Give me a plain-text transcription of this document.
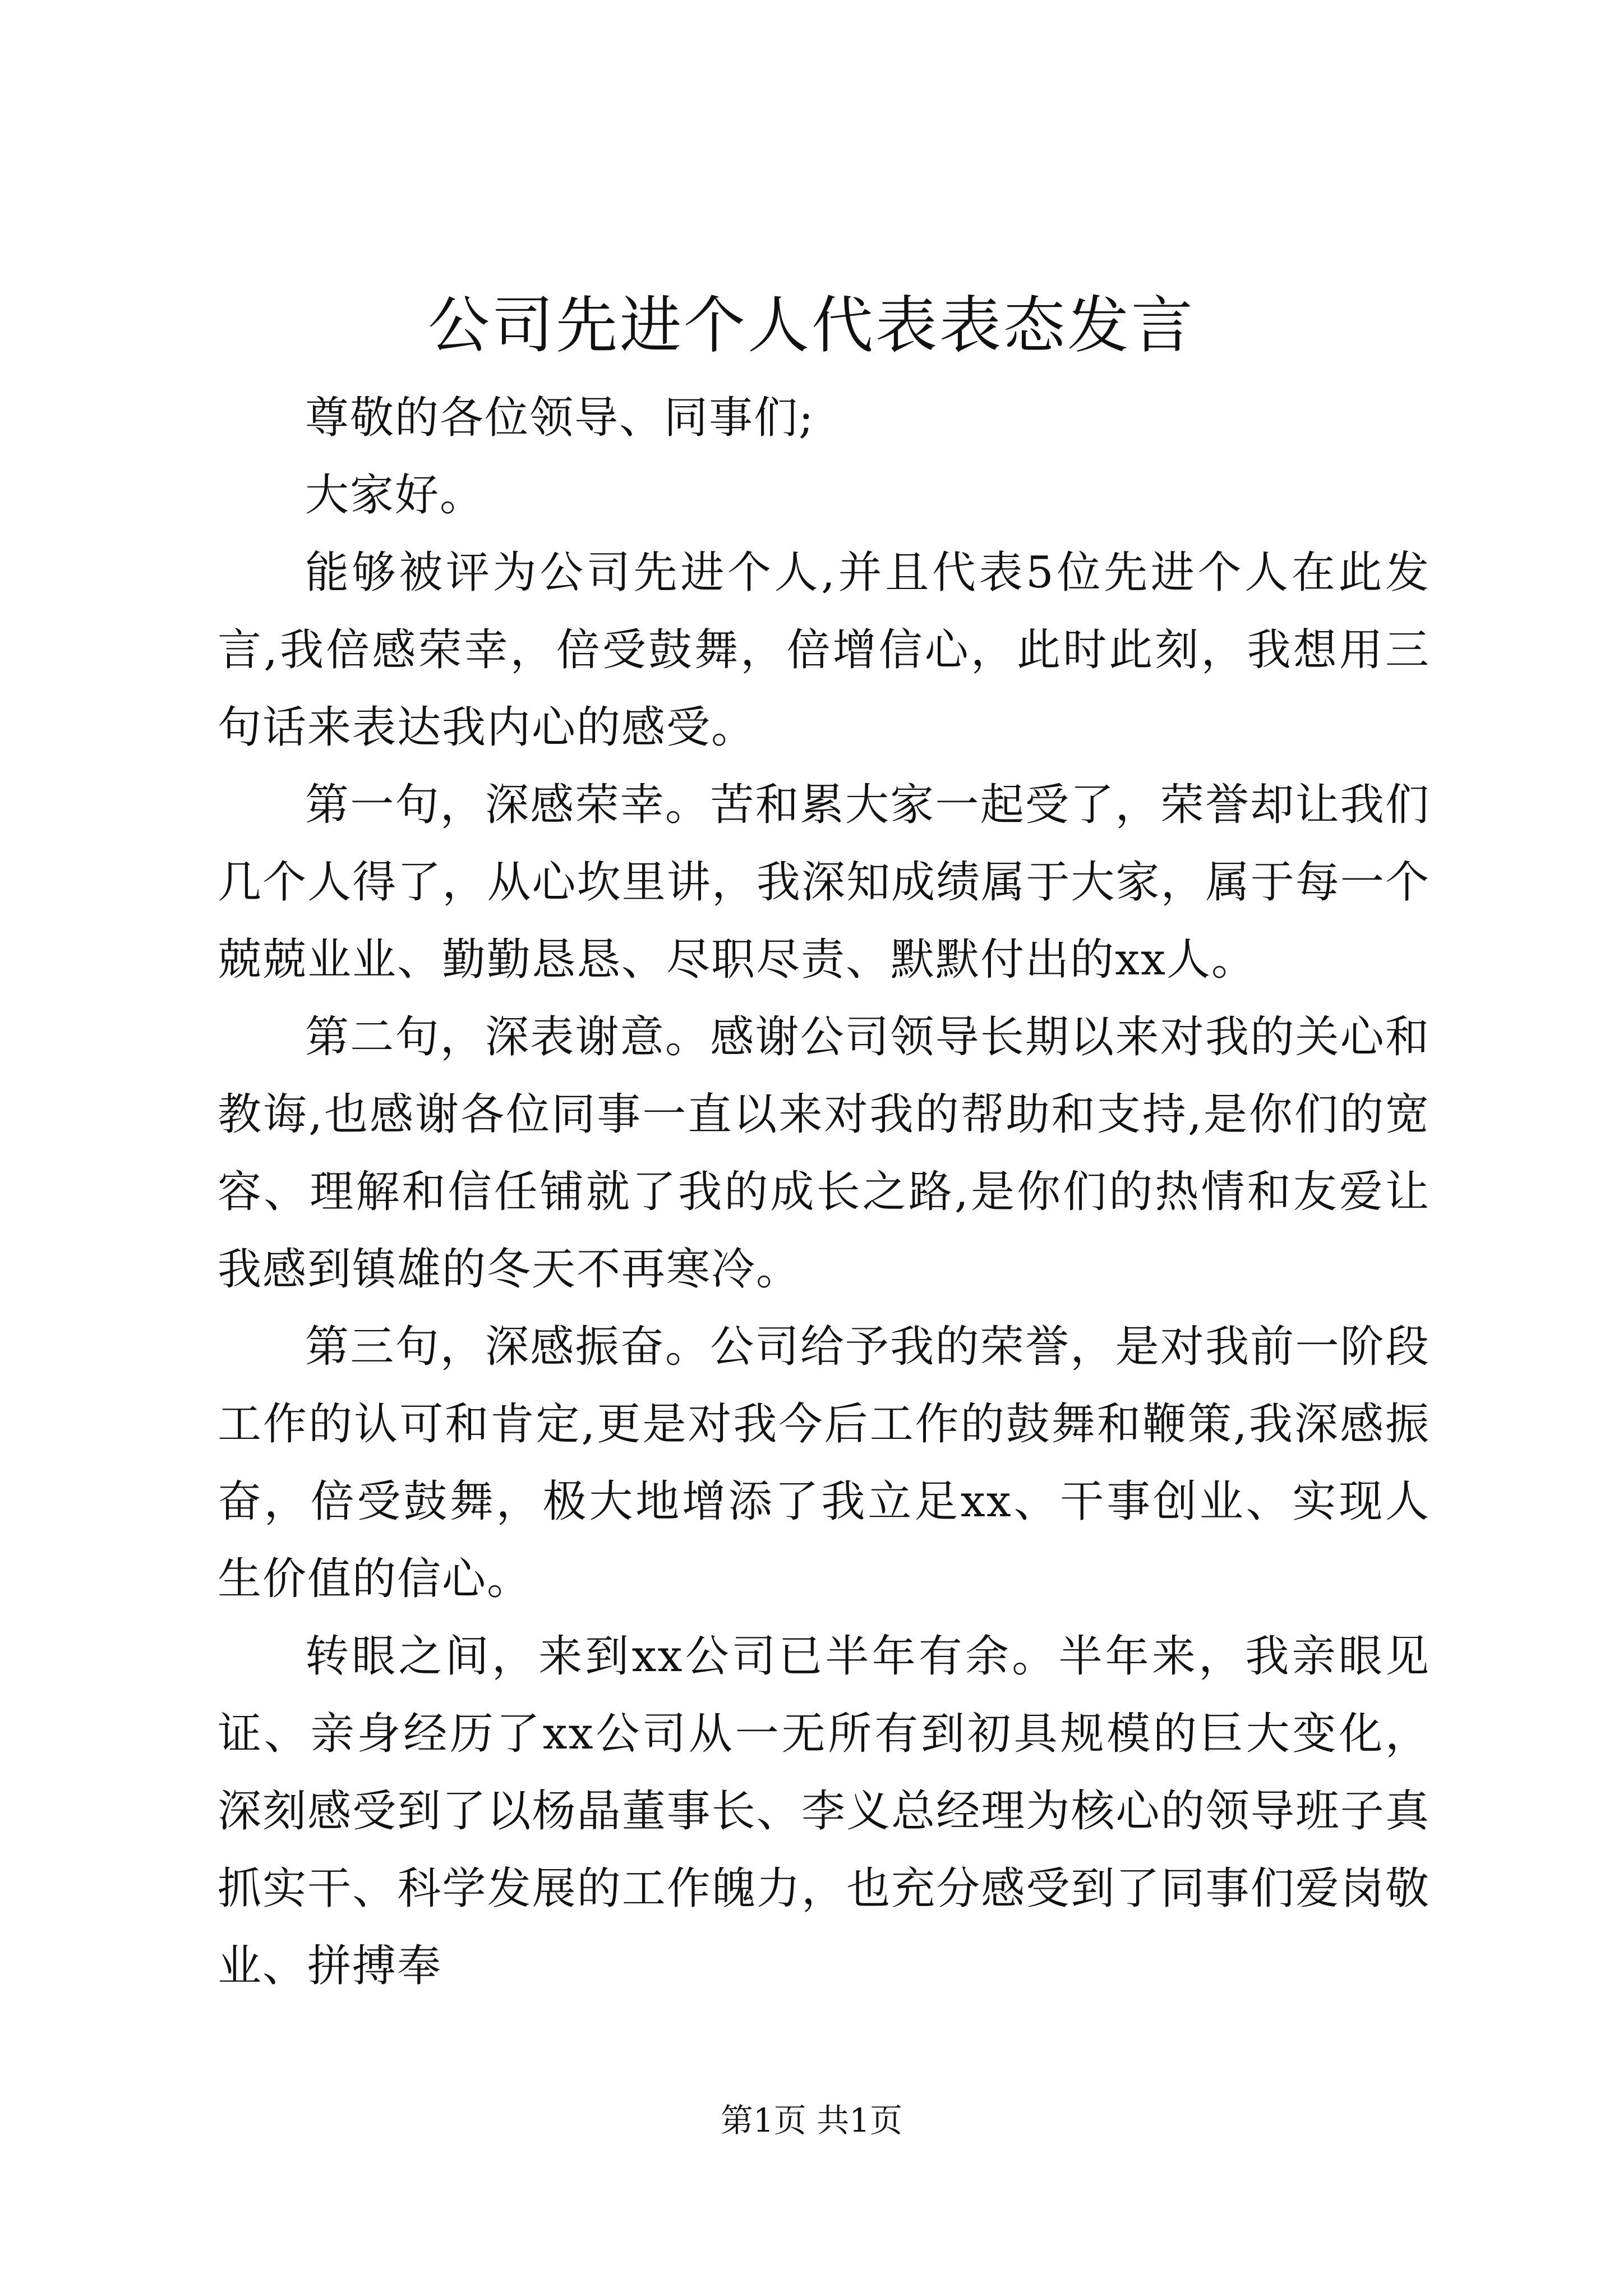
公司先进个人代表表态发言

尊敬的各位领导、同事们;

大家好。

能够被评为公司先进个人,并且代表5位先进个人在此发言,我倍感荣幸，倍受鼓舞，倍增信心，此时此刻，我想用三句话来表达我内心的感受。

第一句，深感荣幸。苦和累大家一起受了，荣誉却让我们几个人得了，从心坎里讲，我深知成绩属于大家，属于每一个兢兢业业、勤勤恳恳、尽职尽责、默默付出的xx人。

第二句，深表谢意。感谢公司领导长期以来对我的关心和教诲,也感谢各位同事一直以来对我的帮助和支持,是你们的宽容、理解和信任铺就了我的成长之路,是你们的热情和友爱让我感到镇雄的冬天不再寒冷。

第三句，深感振奋。公司给予我的荣誉，是对我前一阶段工作的认可和肯定,更是对我今后工作的鼓舞和鞭策,我深感振奋，倍受鼓舞，极大地增添了我立足xx、干事创业、实现人生价值的信心。

转眼之间，来到xx公司已半年有余。半年来，我亲眼见证、亲身经历了xx公司从一无所有到初具规模的巨大变化，深刻感受到了以杨晶董事长、李义总经理为核心的领导班子真抓实干、科学发展的工作魄力，也充分感受到了同事们爱岗敬业、拼搏奉

第1页 共1页
